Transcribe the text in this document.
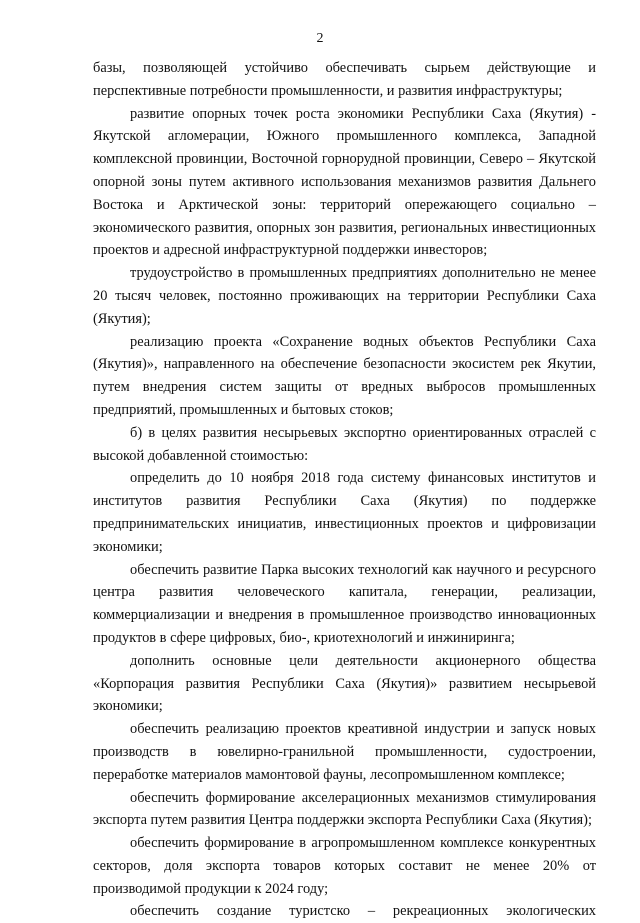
2

базы, позволяющей устойчиво обеспечивать сырьем действующие и перспективные потребности промышленности, и развития инфраструктуры;

развитие опорных точек роста экономики Республики Саха (Якутия) - Якутской агломерации, Южного промышленного комплекса, Западной комплексной провинции, Восточной горнорудной провинции, Северо – Якутской опорной зоны путем активного использования механизмов развития Дальнего Востока и Арктической зоны: территорий опережающего социально – экономического развития, опорных зон развития, региональных инвестиционных проектов и адресной инфраструктурной поддержки инвесторов;

трудоустройство в промышленных предприятиях дополнительно не менее 20 тысяч человек, постоянно проживающих на территории Республики Саха (Якутия);

реализацию проекта «Сохранение водных объектов Республики Саха (Якутия)», направленного на обеспечение безопасности экосистем рек Якутии, путем внедрения систем защиты от вредных выбросов промышленных предприятий, промышленных и бытовых стоков;

б) в целях развития несырьевых экспортно ориентированных отраслей с высокой добавленной стоимостью:

определить до 10 ноября 2018 года систему финансовых институтов и институтов развития Республики Саха (Якутия) по поддержке предпринимательских инициатив, инвестиционных проектов и цифровизации экономики;

обеспечить развитие Парка высоких технологий как научного и ресурсного центра развития человеческого капитала, генерации, реализации, коммерциализации и внедрения в промышленное производство инновационных продуктов в сфере цифровых, био-, криотехнологий и инжиниринга;

дополнить основные цели деятельности акционерного общества «Корпорация развития Республики Саха (Якутия)» развитием несырьевой экономики;

обеспечить реализацию проектов креативной индустрии и запуск новых производств в ювелирно-гранильной промышленности, судостроении, переработке материалов мамонтовой фауны, лесопромышленном комплексе;

обеспечить формирование акселерационных механизмов стимулирования экспорта путем развития Центра поддержки экспорта Республики Саха (Якутия);

обеспечить формирование в агропромышленном комплексе конкурентных секторов, доля экспорта товаров которых составит не менее 20% от производимой продукции к 2024 году;

обеспечить создание туристско – рекреационных экологических
